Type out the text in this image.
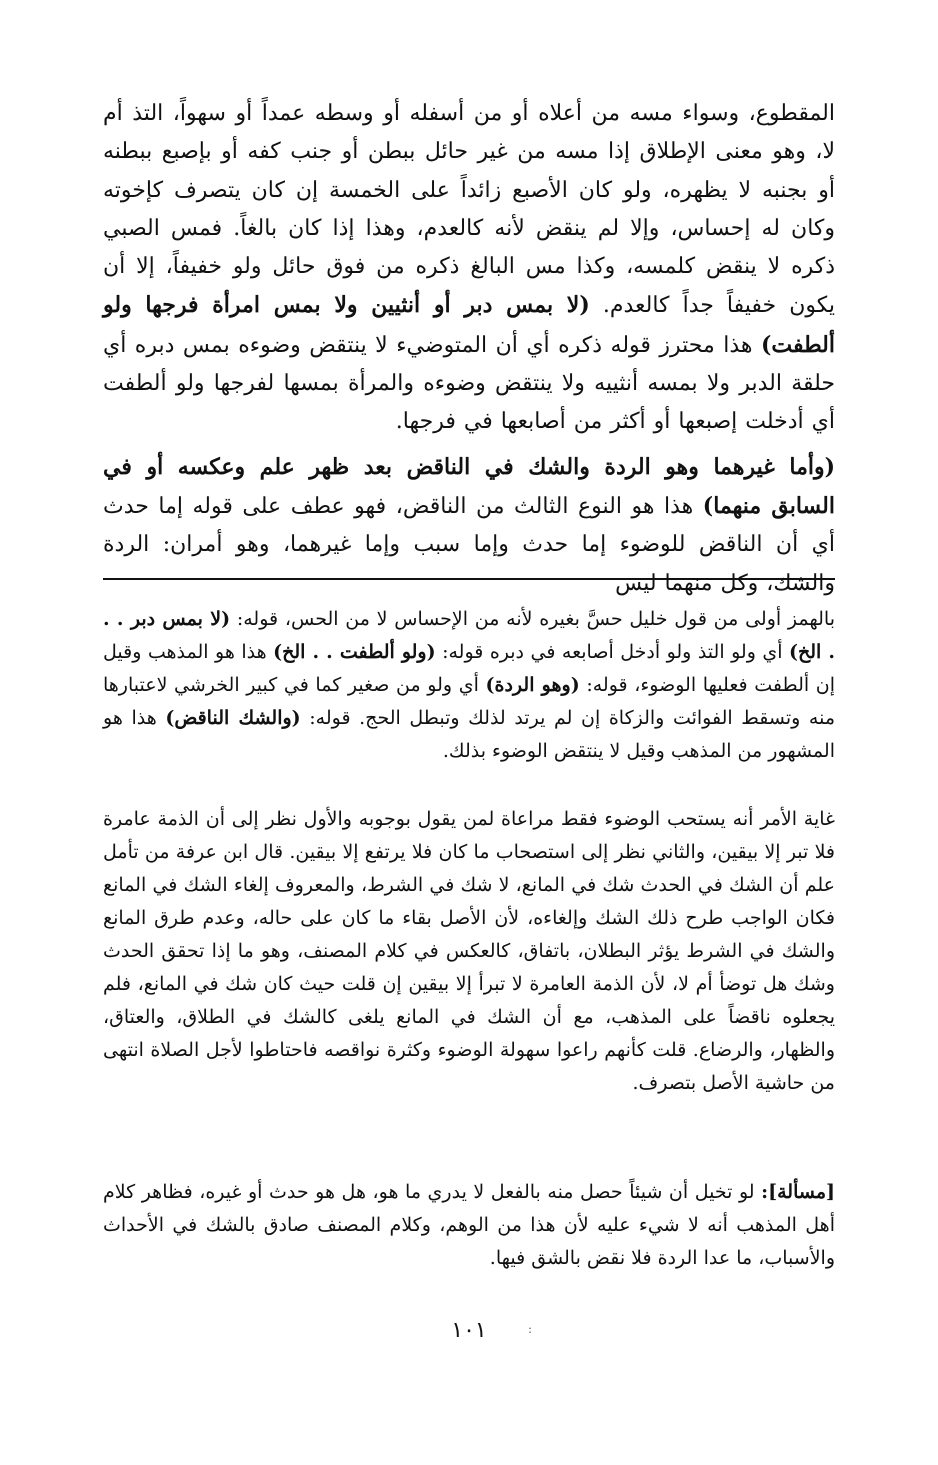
المقطوع، وسواء مسه من أعلاه أو من أسفله أو وسطه عمداً أو سهواً، التذ أم لا، وهو معنى الإطلاق إذا مسه من غير حائل ببطن أو جنب كفه أو بإصبع ببطنه أو بجنبه لا يظهره، ولو كان الأصبع زائداً على الخمسة إن كان يتصرف كإخوته وكان له إحساس، وإلا لم ينقض لأنه كالعدم، وهذا إذا كان بالغاً. فمس الصبي ذكره لا ينقض كلمسه، وكذا مس البالغ ذكره من فوق حائل ولو خفيفاً، إلا أن يكون خفيفاً جداً كالعدم. (لا بمس دبر أو أنثيين ولا بمس امرأة فرجها ولو ألطفت) هذا محترز قوله ذكره أي أن المتوضيء لا ينتقض وضوءه بمس دبره أي حلقة الدبر ولا بمسه أنثييه ولا ينتقض وضوءه والمرأة بمسها لفرجها ولو ألطفت أي أدخلت إصبعها أو أكثر من أصابعها في فرجها.

(وأما غيرهما وهو الردة والشك في الناقض بعد ظهر علم وعكسه أو في السابق منهما) هذا هو النوع الثالث من الناقض، فهو عطف على قوله إما حدث أي أن الناقض للوضوء إما حدث وإما سبب وإما غيرهما، وهو أمران: الردة والشك، وكل منهما ليس

بالهمز أولى من قول خليل حسَّ بغيره لأنه من الإحساس لا من الحس، قوله: (لا بمس دبر . . . الخ) أي ولو التذ ولو أدخل أصابعه في دبره قوله: (ولو ألطفت . . الخ) هذا هو المذهب وقيل إن ألطفت فعليها الوضوء، قوله: (وهو الردة) أي ولو من صغير كما في كبير الخرشي لاعتبارها منه وتسقط الفوائت والزكاة إن لم يرتد لذلك وتبطل الحج. قوله: (والشك الناقض) هذا هو المشهور من المذهب وقيل لا ينتقض الوضوء بذلك.

غاية الأمر أنه يستحب الوضوء فقط مراعاة لمن يقول بوجوبه والأول نظر إلى أن الذمة عامرة فلا تبر إلا بيقين، والثاني نظر إلى استصحاب ما كان فلا يرتفع إلا بيقين. قال ابن عرفة من تأمل علم أن الشك في الحدث شك في المانع، لا شك في الشرط، والمعروف إلغاء الشك في المانع فكان الواجب طرح ذلك الشك وإلغاءه، لأن الأصل بقاء ما كان على حاله، وعدم طرق المانع والشك في الشرط يؤثر البطلان، باتفاق، كالعكس في كلام المصنف، وهو ما إذا تحقق الحدث وشك هل توضأ أم لا، لأن الذمة العامرة لا تبرأ إلا بيقين إن قلت حيث كان شك في المانع، فلم يجعلوه ناقضاً على المذهب، مع أن الشك في المانع يلغى كالشك في الطلاق، والعتاق، والظهار، والرضاع. قلت كأنهم راعوا سهولة الوضوء وكثرة نواقصه فاحتاطوا لأجل الصلاة انتهى من حاشية الأصل بتصرف.

[مسألة]: لو تخيل أن شيئاً حصل منه بالفعل لا يدري ما هو، هل هو حدث أو غيره، فظاهر كلام أهل المذهب أنه لا شيء عليه لأن هذا من الوهم، وكلام المصنف صادق بالشك في الأحداث والأسباب، ما عدا الردة فلا نقض بالشق فيها.

١٠١	:
